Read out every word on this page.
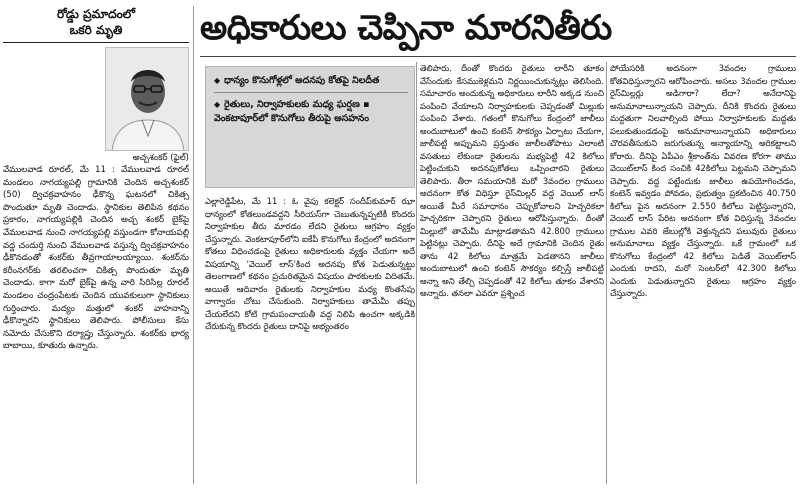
రోడ్డు ప్రమాదంలో

ఒకరి మృతి

అచ్చశంకర్ (ఫైల్)

వేములవాడ రూరల్, మే 11 : వేములవాడ రూరల్ మండలం నాగయ్యపల్లి గ్రామానికి చెందిన అచ్చశంకర్ (50) ద్విచక్రవాహనం ఢీకొన్న ఘటనలో చికిత్స పొందుతూ మృతి చెందాడు. స్థానికుల తెలిపిన కథనం ప్రకారం, నాగయ్యపల్లికి చెందిన అచ్చ శంకర్ బైక్‌పై వేములవాడ నుంచి నాగయ్యపల్లి వస్తుండగా కోనాయపల్లి వద్ద చందుర్తి నుంచి వేములవాడ వస్తున్న ద్విచక్రవాహనం ఢీకొనడంతో శంకర్‌కు తీవ్రగాయాలయ్యాయి. శంకర్‌ను కరీంనగర్‌కు తరలించగా చికిత్స పొందుతూ మృతి చెందాడు. కాగా మరో బైక్‌పై ఉన్న వారి సిరిసిల్ల రూరల్ మండలం చంద్రంపేటకు చెందిన యువకులుగా స్థానికులు గుర్తించారు. మద్యం మత్తులో శంకర్ వాహనాన్ని ఢీకొన్నారని స్థానికులు తెలిపారు. పోలీసులు కేసు నమోదు చేసుకొని దర్యాప్తు చేస్తున్నారు. శంకర్‌కు భార్య బాబాయి, కూతురు ఉన్నారు.

అధికారులు చెప్పినా మారనితీరు

◆ ధాన్యం కొనుగోళ్లలో అదనపు కోతపై నిలదీత

◆ రైతులు, నిర్వాహకులకు మధ్య ఘర్షణ ▪ వెంకటాపూర్‌లో కొనుగోలు తీరుపై అసహనం

ఎల్లారెడ్డిపేట, మే 11 : ఓ వైపు కలెక్టర్ సందీప్‌కుమార్ ఝా ధాన్యంలో కోతలుండవద్దని సీరియస్‌గా చెబుతున్నప్పటికీ కొందరు నిర్వాహకుల తీరు మారడం లేదని రైతులు ఆగ్రహం వ్యక్తం చేస్తున్నారు. వెంకటాపూర్‌లోని ఐకేపీ కొనుగోలు కేంద్రంలో అదనంగా కోతలు విధించడంపై రైతులు అధికారులకు వ్యక్తం చేయగా అదే విషయాన్ని 'వెయిల్ లాస్‌'కింద అదనపు కోత పెడుతున్నట్టు తెలంగాణలో కథనం ప్రచురితమైన విషయం పాఠకులకు విదితమే. అయితే ఆదివారం రైతులకు నిర్వాహకుల మధ్య కొంతసేపు వాగ్వాదం చోటు చేసుకుంది. నిర్వాహకులు తామేమీ తప్పు చేయలేదని కోటి గ్రామపంచాయతీ వద్ద నిలిపి ఉంచగా అక్కడికి చేరుకున్న కొందరు రైతులు దానిపై అభ్యంతరం

తెలిపారు. దీంతో కొందరు రైతులు లారీని తూకం వేసేందుకు కేసముకెళ్లమని నిర్ణయించుకున్నట్లు తెలిసింది. సమాచారం అందుకున్న అధికారులు లారీని అక్కడ నుంచి పంపించి వేయాలని నిర్వాహకులకు చెప్పడంతో మిల్లుకు పంపించి వేశారు. గతంలో కొనుగోలు కేంద్రంలో జాలీలు అందుబాటులో ఉంచి కంటెన్ సౌకర్యం ఏర్పాటు చేయగా, జాలీపట్టి అప్పుమని ప్రస్తుతం జాలీలతోపాటు ఎలాంటి వసతులు లేకుండా రైతులను మభ్యపెట్టి 42 కిలోలు పెట్టించుకుని అదనపుకోతలు ఒప్పించారని రైతులు తెలిపారు. తీరా సమయానికి మరో 3వందల గ్రాములు అదనంగా కోత విధిస్తూ రైస్‌మిల్లర్ వద్ద వెయిల్ లాస్ అయితే మీరే సమాధానం చెప్పుకోవాలని హెచ్చరికలా హెచ్చరికగా చెప్పారని రైతులు ఆరోపిస్తున్నారు. దీంతో మిల్లులో తామేమీ మాట్లాడతామని 42.800 గ్రాములు పెట్టినట్లు చెప్పారు. దీనిపై అదే గ్రామానికి చెందిన రైతు తాను 42 కిలోలు మాత్రమే పెడతానని జాలీలు అందుబాటులో ఉంచి కంటెన్ సౌకర్యం కల్పిస్తే జాలీపట్టి అన్నా అని తేల్చి చెప్పడంతో 42 కిలోలు తూకం వేశారని అన్నారు. తనలా ఎవరూ ప్రశ్నించ

పోయేసరికి అదనంగా 3వందల గ్రాములు కోతవిధిస్తున్నారని ఆరోపించారు. అసలు 3వందల గ్రాముల రైస్‌మిల్లర్లు అడిగారా? లేదా? అనేదానిపై అనుమానాలున్నాయని చెప్పారు. దీనికి కొందరు రైతులు మద్దతుగా నిలవాల్సింది పోయి నిర్వాహకులకు మద్దతు పలుకుతుండడంపై అనుమానాలున్నాయని అధికారులు చొరవతీసుకుని జరుగుతున్న అన్యాయాన్ని అరికట్టాలని కోరారు. దీనిపై ఏపీఎం శ్రీకాంత్‌ను వివరణ కోరగా తాము వెయిట్‌లాస్ కింద సంచికి 42కిలోలు పెట్టమని చెప్పామని చెప్పారు. వద్ద పట్టేందుకు జాలీలు ఉపయోగించడం, కంటెన్ ఇవ్వడం పోవడం, ప్రభుత్వం ప్రకటించిన 40.750 కిలోలు పైన అదనంగా 2.550 కిలోలు పెట్టిస్తున్నారని, వెయిట్ లాస్ పేరిట అదనంగా కోత విధిస్తున్న 3వందల గ్రాముల ఎవరి జేబుల్లోకి వెళ్తున్నదని పలువురు రైతులు అనుమానాలు వ్యక్తం చేస్తున్నారు. ఒకే గ్రామంలో ఒక కొనుగోలు కేంద్రంలో 42 కిలోలు పెడితే వెయిట్‌లాస్ ఎందుకు రాదని, మరో సెంటర్‌లో 42.300 కిలోలు ఎందుకు పెడుతున్నారని రైతులు ఆగ్రహం వ్యక్తం చేస్తున్నారు.
